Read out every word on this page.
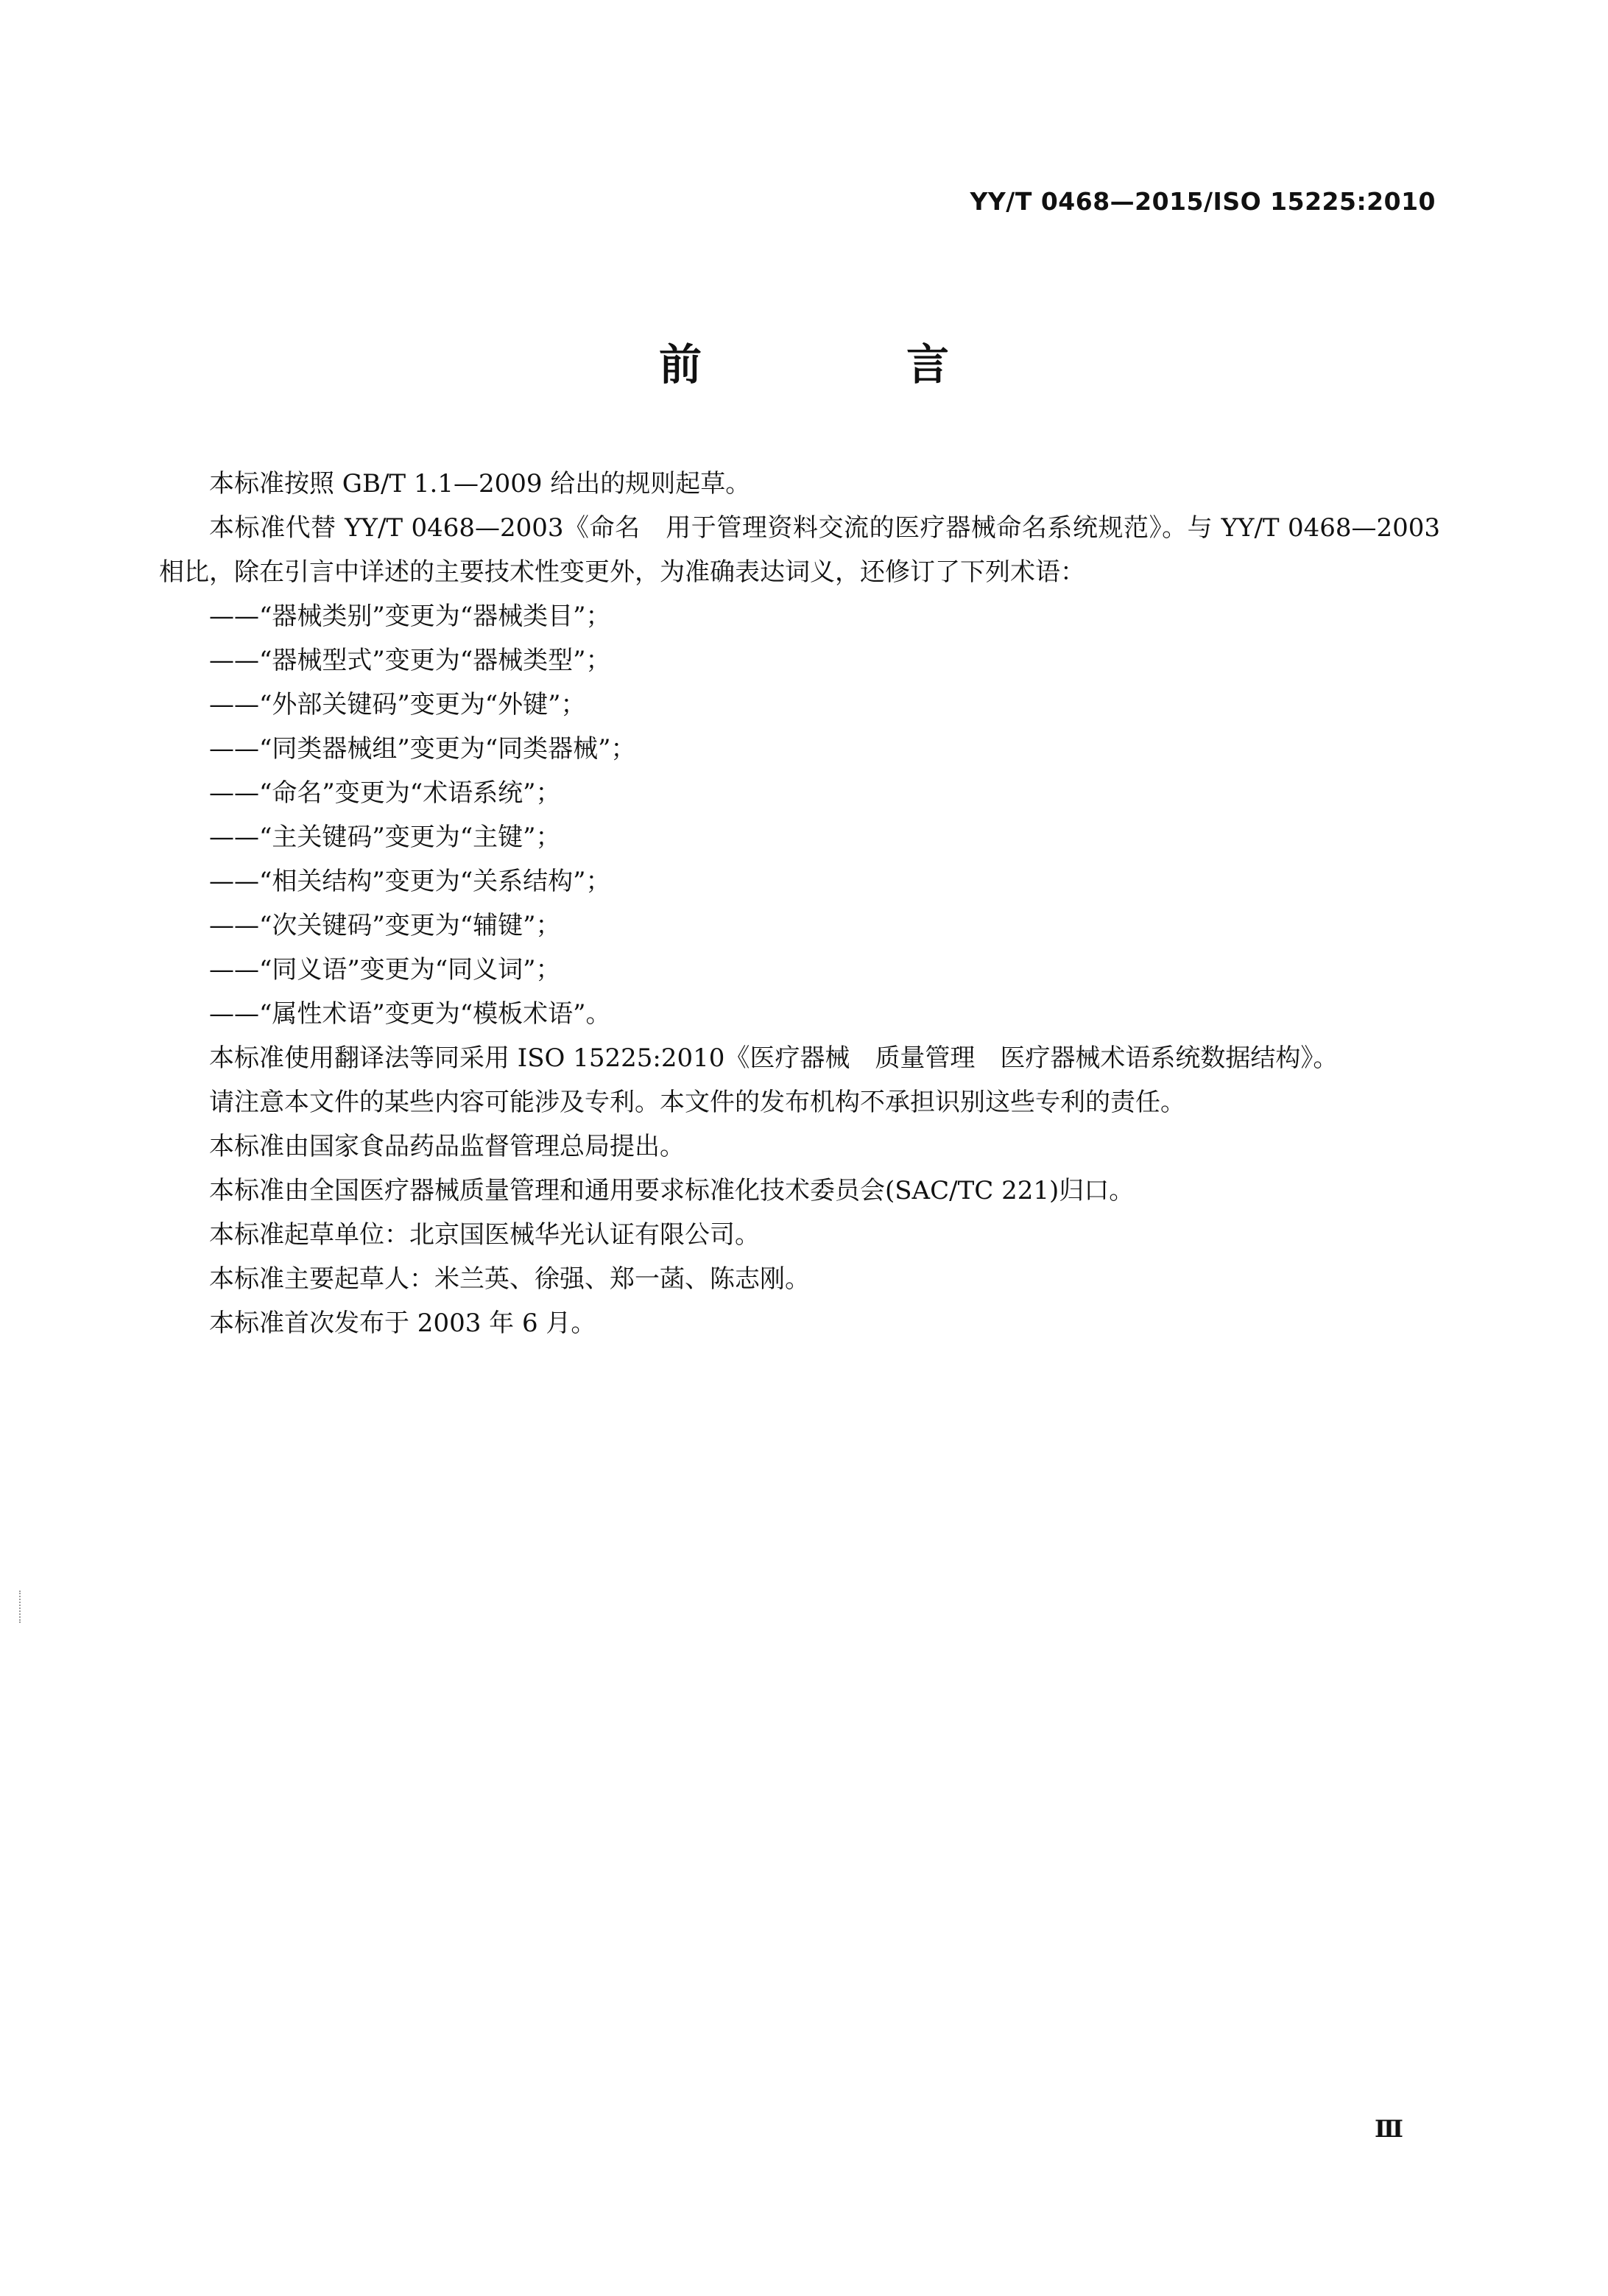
YY/T 0468—2015/ISO 15225:2010
前　言

本标准按照 GB/T 1.1—2009 给出的规则起草。

本标准代替 YY/T 0468—2003《命名　用于管理资料交流的医疗器械命名系统规范》。与 YY/T 0468—2003 相比，除在引言中详述的主要技术性变更外，为准确表达词义，还修订了下列术语：

——“器械类别”变更为“器械类目”；

——“器械型式”变更为“器械类型”；

——“外部关键码”变更为“外键”；

——“同类器械组”变更为“同类器械”；

——“命名”变更为“术语系统”；

——“主关键码”变更为“主键”；

——“相关结构”变更为“关系结构”；

——“次关键码”变更为“辅键”；

——“同义语”变更为“同义词”；

——“属性术语”变更为“模板术语”。

本标准使用翻译法等同采用 ISO 15225:2010《医疗器械　质量管理　医疗器械术语系统数据结构》。

请注意本文件的某些内容可能涉及专利。本文件的发布机构不承担识别这些专利的责任。

本标准由国家食品药品监督管理总局提出。

本标准由全国医疗器械质量管理和通用要求标准化技术委员会(SAC/TC 221)归口。

本标准起草单位：北京国医械华光认证有限公司。

本标准主要起草人：米兰英、徐强、郑一菡、陈志刚。

本标准首次发布于 2003 年 6 月。

Ⅲ
